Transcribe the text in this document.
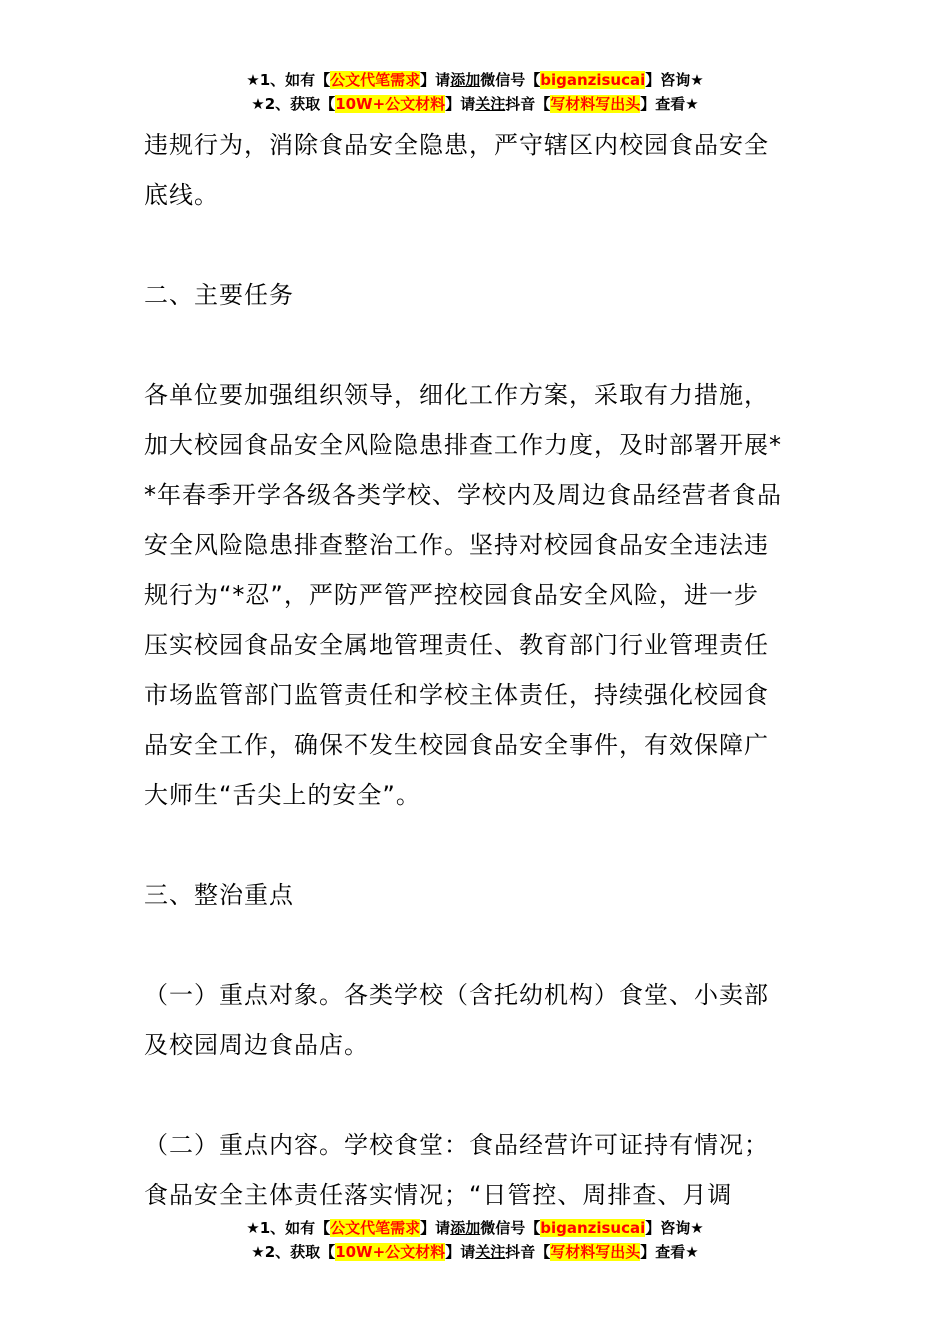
★1、如有【公文代笔需求】请添加微信号【biganzisucai】咨询★
★2、获取【10W+公文材料】请关注抖音【写材料写出头】查看★

违规行为，消除食品安全隐患，严守辖区内校园食品安全
底线。

二、主要任务

各单位要加强组织领导，细化工作方案，采取有力措施，
加大校园食品安全风险隐患排查工作力度，及时部署开展*
*年春季开学各级各类学校、学校内及周边食品经营者食品
安全风险隐患排查整治工作。坚持对校园食品安全违法违
规行为“*忍”，严防严管严控校园食品安全风险，进一步
压实校园食品安全属地管理责任、教育部门行业管理责任
市场监管部门监管责任和学校主体责任，持续强化校园食
品安全工作，确保不发生校园食品安全事件，有效保障广
大师生“舌尖上的安全”。

三、整治重点

（一）重点对象。各类学校（含托幼机构）食堂、小卖部
及校园周边食品店。

（二）重点内容。学校食堂：食品经营许可证持有情况；
食品安全主体责任落实情况；“日管控、周排查、月调

★1、如有【公文代笔需求】请添加微信号【biganzisucai】咨询★
★2、获取【10W+公文材料】请关注抖音【写材料写出头】查看★
